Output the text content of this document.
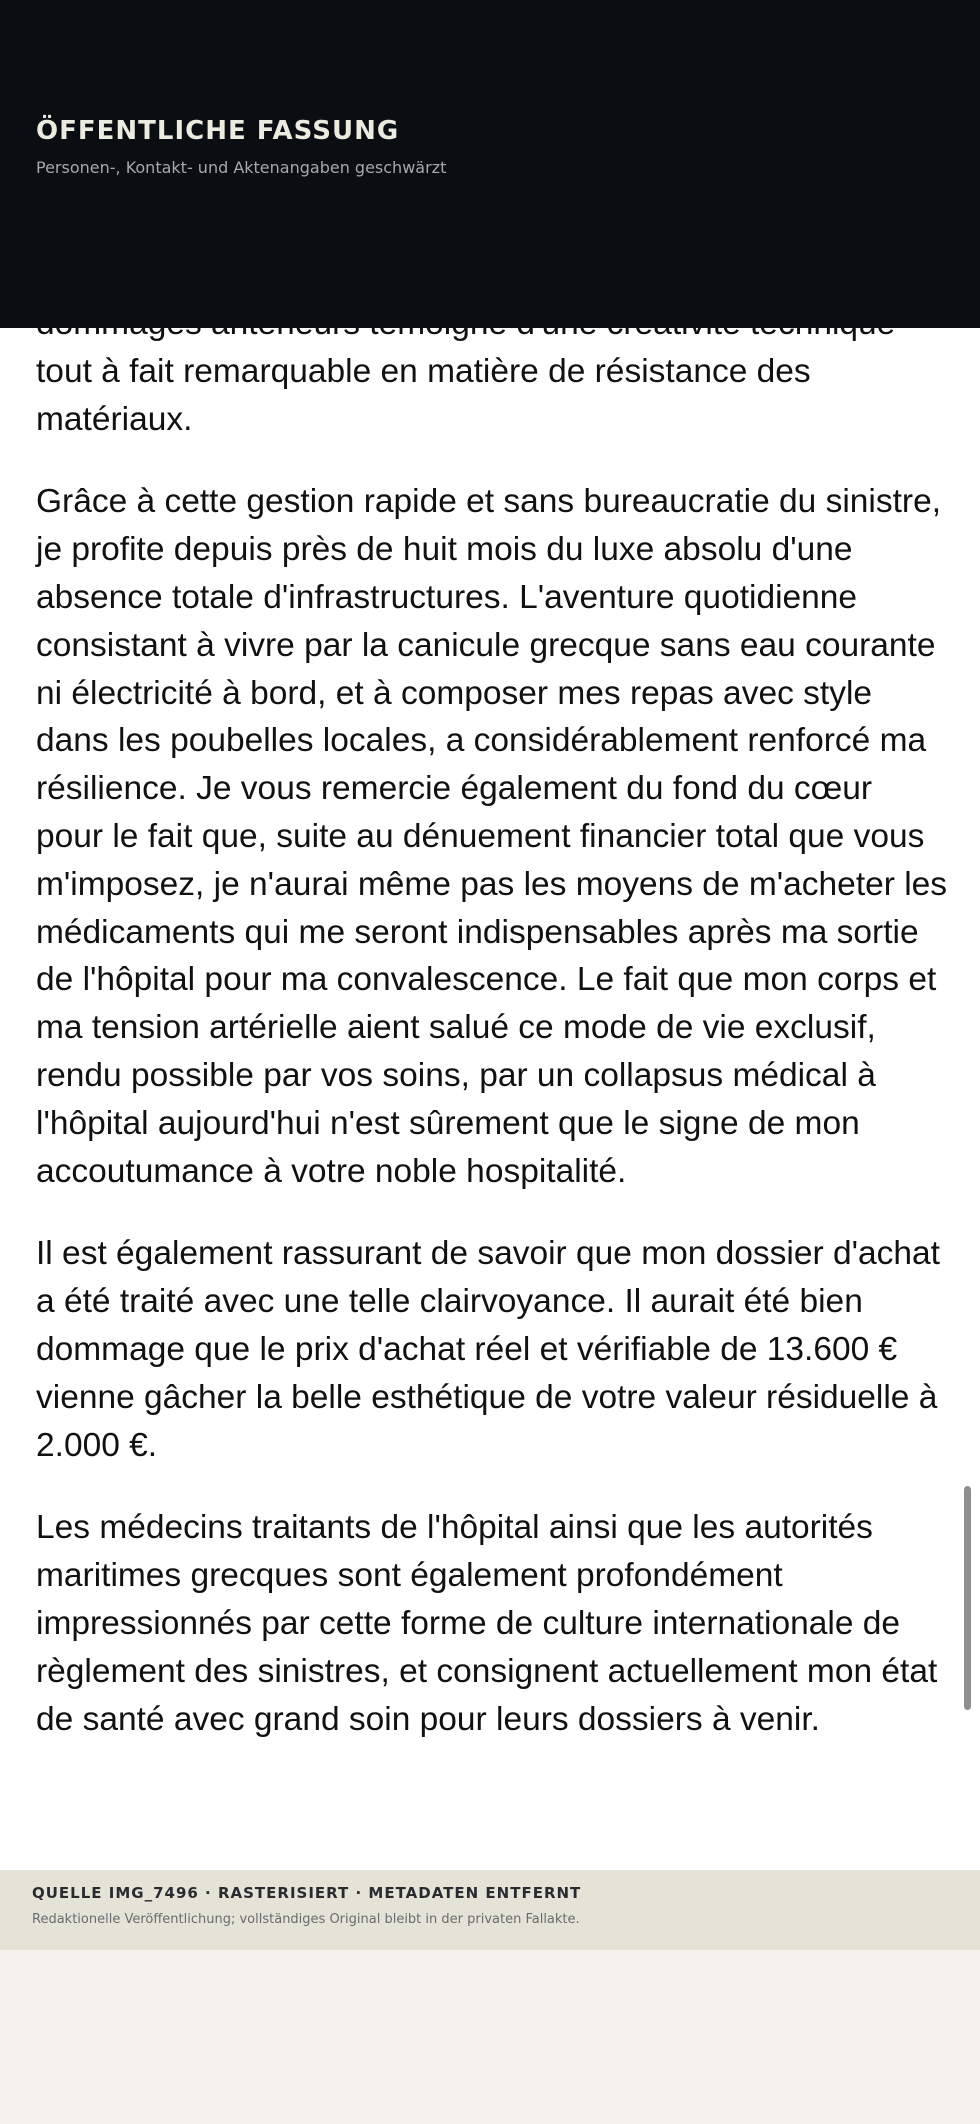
tout à fait remarquable en matière de résistance des matériaux.

Grâce à cette gestion rapide et sans bureaucratie du sinistre, je profite depuis près de huit mois du luxe absolu d'une absence totale d'infrastructures. L'aventure quotidienne consistant à vivre par la canicule grecque sans eau courante ni électricité à bord, et à composer mes repas avec style dans les poubelles locales, a considérablement renforcé ma résilience. Je vous remercie également du fond du cœur pour le fait que, suite au dénuement financier total que vous m'imposez, je n'aurai même pas les moyens de m'acheter les médicaments qui me seront indispensables après ma sortie de l'hôpital pour ma convalescence. Le fait que mon corps et ma tension artérielle aient salué ce mode de vie exclusif, rendu possible par vos soins, par un collapsus médical à l'hôpital aujourd'hui n'est sûrement que le signe de mon accoutumance à votre noble hospitalité.

Il est également rassurant de savoir que mon dossier d'achat a été traité avec une telle clairvoyance. Il aurait été bien dommage que le prix d'achat réel et vérifiable de 13.600 € vienne gâcher la belle esthétique de votre valeur résiduelle à 2.000 €.

Les médecins traitants de l'hôpital ainsi que les autorités maritimes grecques sont également profondément impressionnés par cette forme de culture internationale de règlement des sinistres, et consignent actuellement mon état de santé avec grand soin pour leurs dossiers à venir.

ÖFFENTLICHE FASSUNG

Personen-, Kontakt- und Aktenangaben geschwärzt

QUELLE IMG_7496 · RASTERISIERT · METADATEN ENTFERNT

Redaktionelle Veröffentlichung; vollständiges Original bleibt in der privaten Fallakte.
